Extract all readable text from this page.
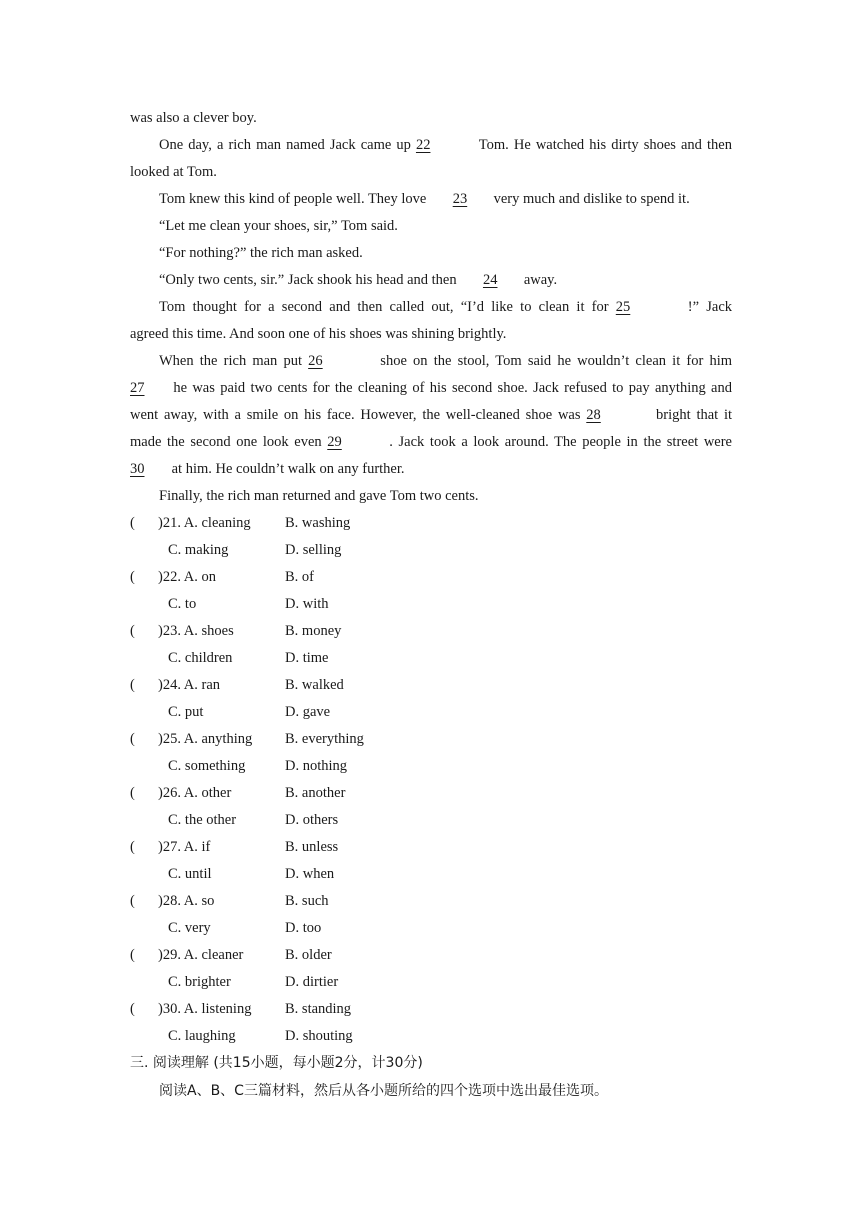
was also a clever boy.
One day, a rich man named Jack came up 22	Tom. He watched his dirty shoes and then
looked at Tom.
Tom knew this kind of people well. They love 23 very much and dislike to spend it.
“Let me clean your shoes, sir,” Tom said.
“For nothing?” the rich man asked.
“Only two cents, sir.” Jack shook his head and then 24 away.
Tom thought for a second and then called out, “I’d like to clean it for 25	!” Jack
agreed this time. And soon one of his shoes was shining brightly.
When the rich man put 26	shoe on the stool, Tom said he wouldn’t clean it for him
27 he was paid two cents for the cleaning of his second shoe. Jack refused to pay anything and
went away, with a smile on his face. However, the well-cleaned shoe was 28	bright that it
made the second one look even 29	. Jack took a look around. The people in the street were
30 at him. He couldn’t walk on any further.
Finally, the rich man returned and gave Tom two cents.
( )21. A. cleaning B. washing
C. making	D. selling
( )22. A. on	B. of
C. to	D. with
( )23. A. shoes	B. money
C. children	D. time
( )24. A. ran	B. walked
C. put	D. gave
( )25. A. anything B. everything
C. something	D. nothing
( )26. A. other	B. another
C. the other	D. others
( )27. A. if	B. unless
C. until	D. when
( )28. A. so	B. such
C. very	D. too
( )29. A. cleaner	B. older
C. brighter	D. dirtier
( )30. A. listening B. standing
C. laughing	D. shouting
三. 阅读理解 (共15小题，每小题2分，计30分)
阅读A、B、C三篇材料，然后从各小题所给的四个选项中选出最佳选项。
